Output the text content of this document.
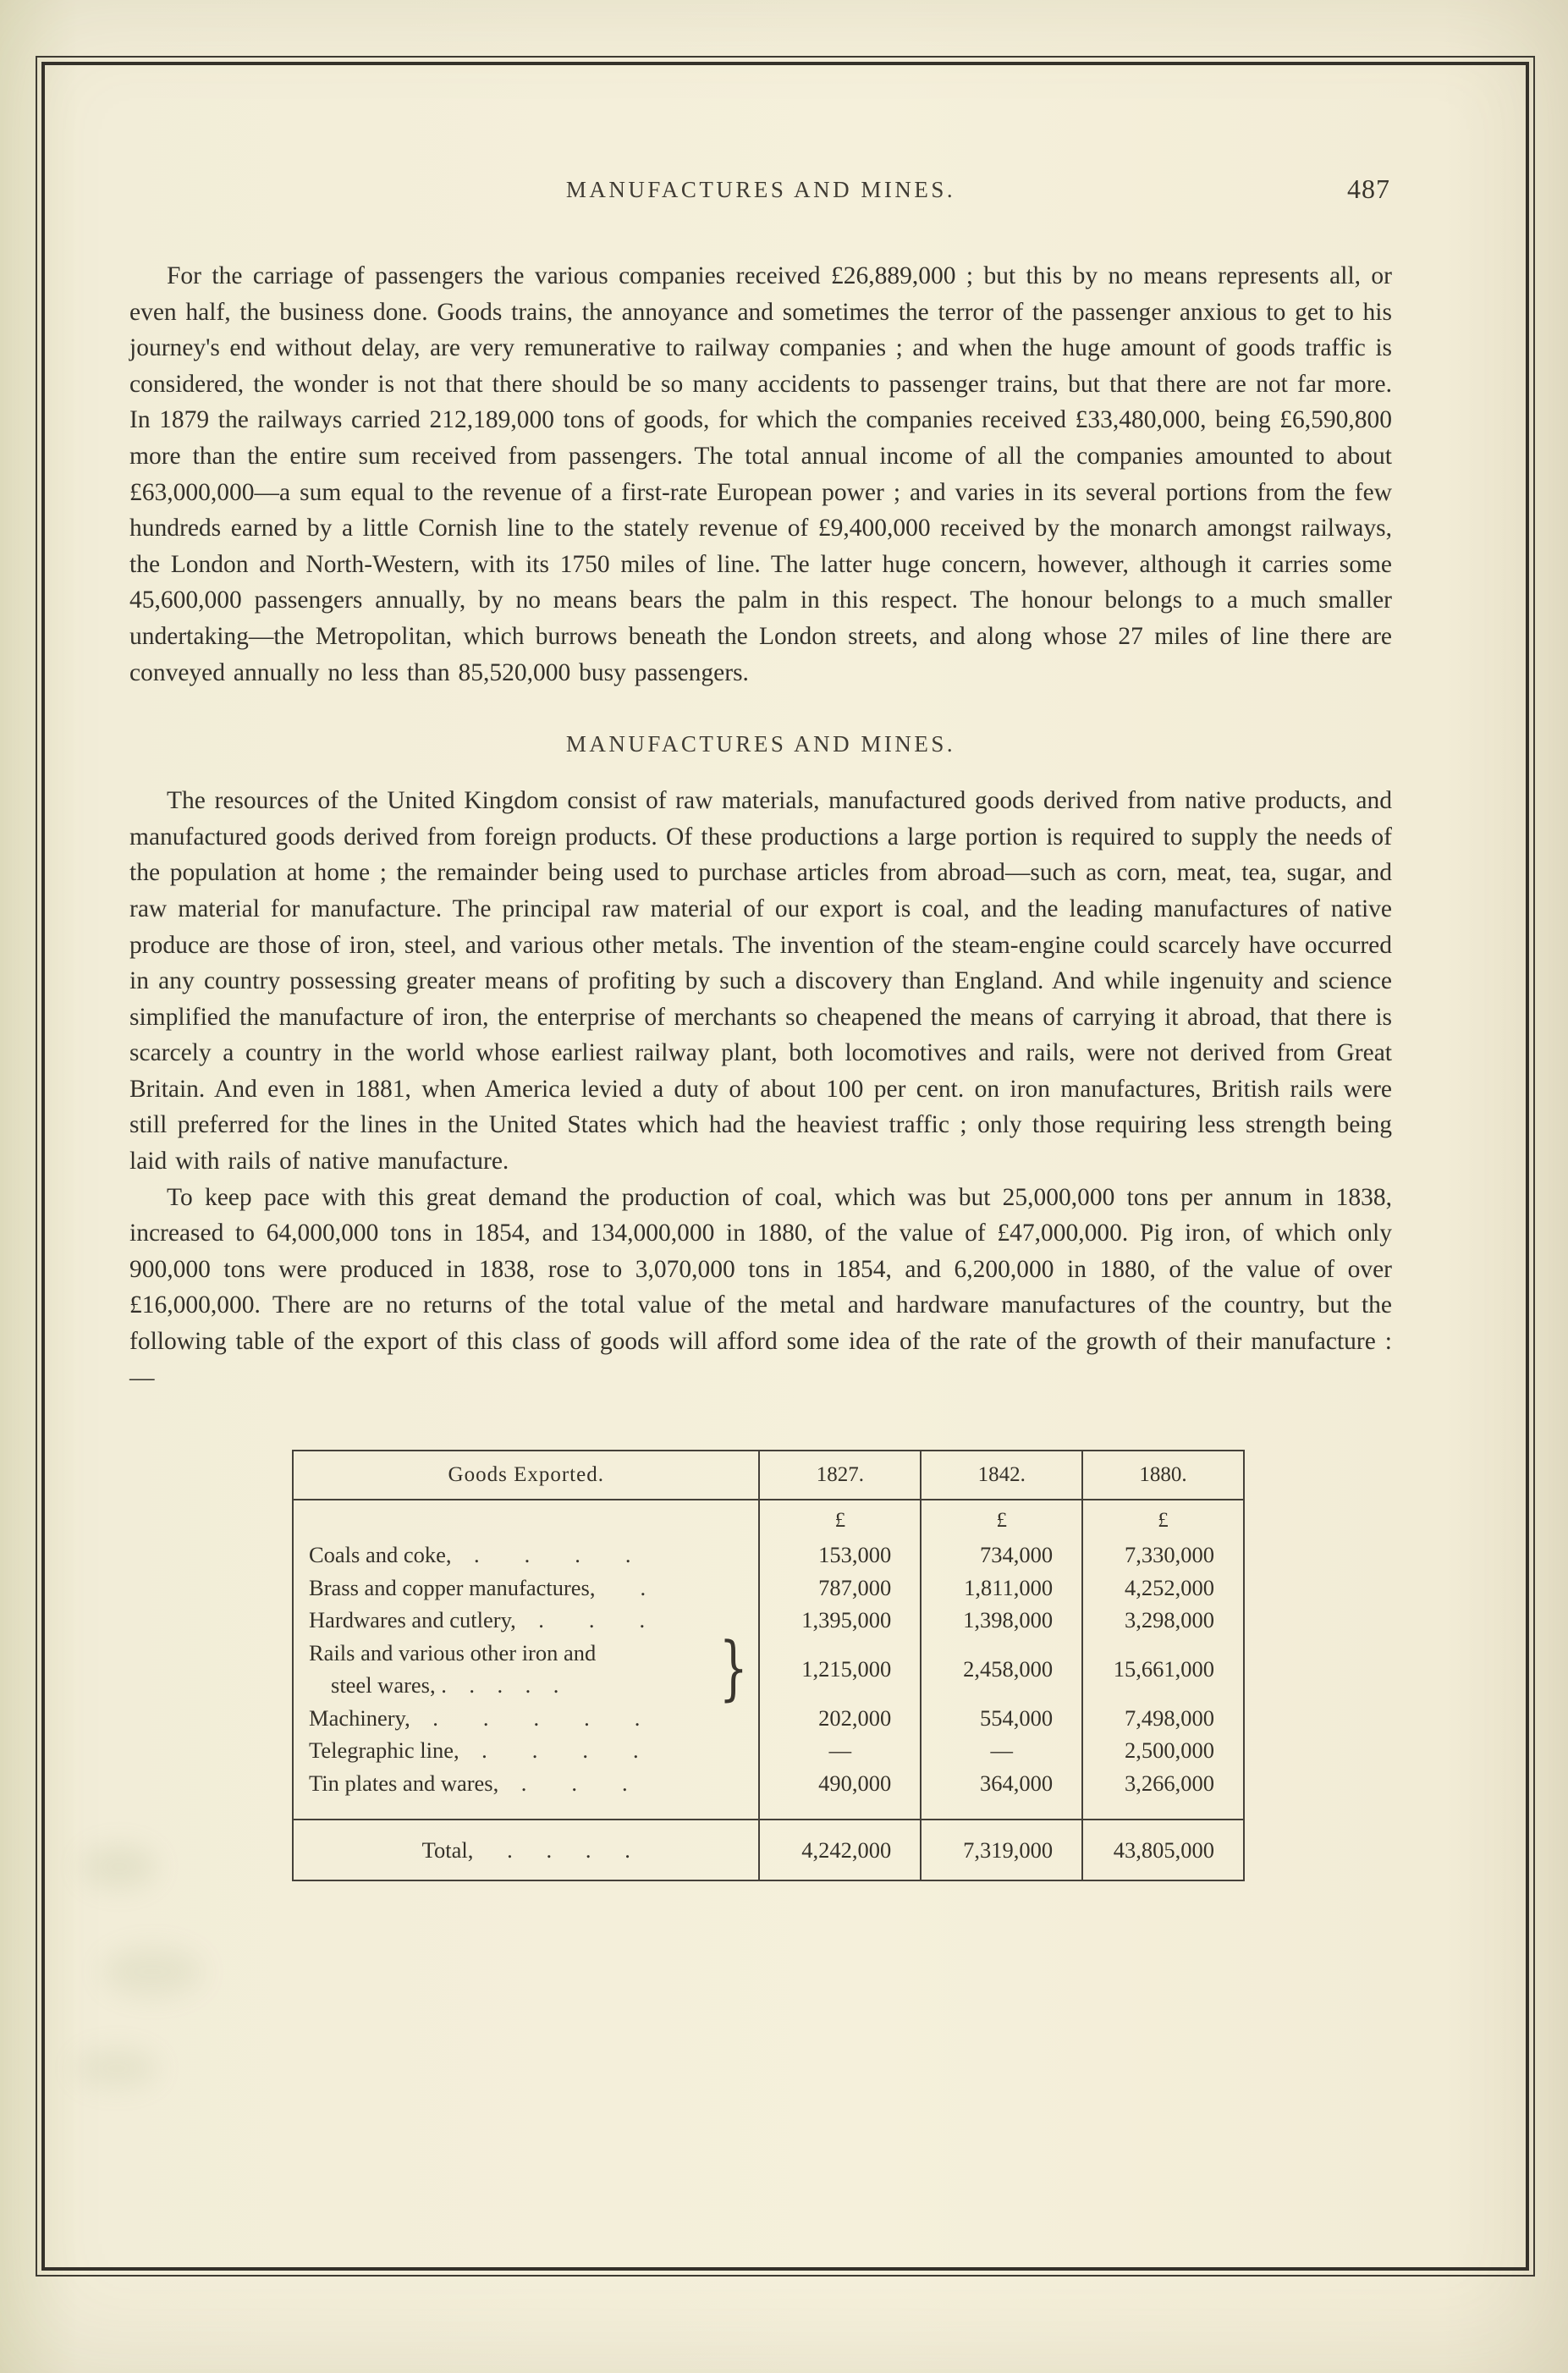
MANUFACTURES AND MINES.	487

For the carriage of passengers the various companies received £26,889,000 ; but this by no means represents all, or even half, the business done. Goods trains, the annoyance and sometimes the terror of the passenger anxious to get to his journey's end without delay, are very remunerative to railway companies ; and when the huge amount of goods traffic is considered, the wonder is not that there should be so many accidents to passenger trains, but that there are not far more. In 1879 the railways carried 212,189,000 tons of goods, for which the companies received £33,480,000, being £6,590,800 more than the entire sum received from passengers. The total annual income of all the companies amounted to about £63,000,000—a sum equal to the revenue of a first-rate European power ; and varies in its several portions from the few hundreds earned by a little Cornish line to the stately revenue of £9,400,000 received by the monarch amongst railways, the London and North-Western, with its 1750 miles of line. The latter huge concern, however, although it carries some 45,600,000 passengers annually, by no means bears the palm in this respect. The honour belongs to a much smaller undertaking—the Metropolitan, which burrows beneath the London streets, and along whose 27 miles of line there are conveyed annually no less than 85,520,000 busy passengers.

MANUFACTURES AND MINES.

The resources of the United Kingdom consist of raw materials, manufactured goods derived from native products, and manufactured goods derived from foreign products. Of these productions a large portion is required to supply the needs of the population at home ; the remainder being used to purchase articles from abroad—such as corn, meat, tea, sugar, and raw material for manufacture. The principal raw material of our export is coal, and the leading manufactures of native produce are those of iron, steel, and various other metals. The invention of the steam-engine could scarcely have occurred in any country possessing greater means of profiting by such a discovery than England. And while ingenuity and science simplified the manufacture of iron, the enterprise of merchants so cheapened the means of carrying it abroad, that there is scarcely a country in the world whose earliest railway plant, both locomotives and rails, were not derived from Great Britain. And even in 1881, when America levied a duty of about 100 per cent. on iron manufactures, British rails were still preferred for the lines in the United States which had the heaviest traffic ; only those requiring less strength being laid with rails of native manufacture.

To keep pace with this great demand the production of coal, which was but 25,000,000 tons per annum in 1838, increased to 64,000,000 tons in 1854, and 134,000,000 in 1880, of the value of £47,000,000. Pig iron, of which only 900,000 tons were produced in 1838, rose to 3,070,000 tons in 1854, and 6,200,000 in 1880, of the value of over £16,000,000. There are no returns of the total value of the metal and hardware manufactures of the country, but the following table of the export of this class of goods will afford some idea of the rate of the growth of their manufacture :—

Goods Exported.	1827.	1842.	1880.
	£	£	£
Coals and coke, .  .  .  .	153,000	734,000	7,330,000
Brass and copper manufactures,  .	787,000	1,811,000	4,252,000
Hardwares and cutlery, .  .  .	1,395,000	1,398,000	3,298,000

Rails and various other iron and
steel wares, .  .  .  .  . }	1,215,000	2,458,000	15,661,000
Machinery, .  .  .  .  .	202,000	554,000	7,498,000
Telegraphic line, .  .  .  .	—	—	2,500,000
Tin plates and wares, .  .  .	490,000	364,000	3,266,000

Total,  .  .  .  .	4,242,000	7,319,000	43,805,000
